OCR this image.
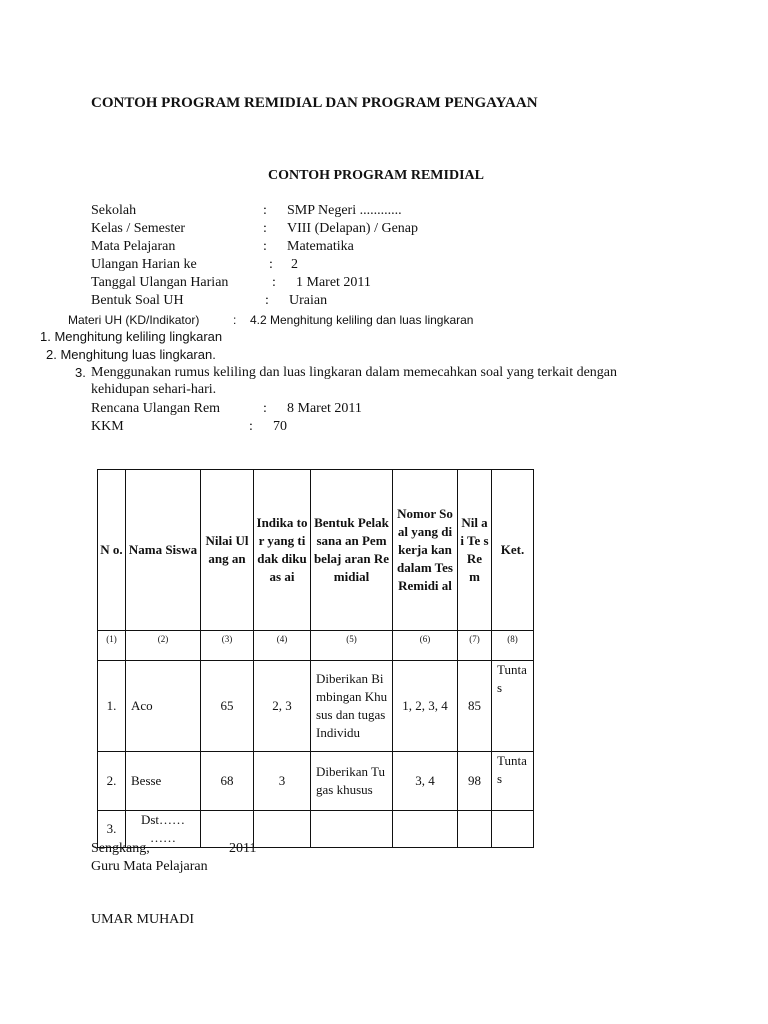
CONTOH PROGRAM REMIDIAL DAN PROGRAM PENGAYAAN
CONTOH PROGRAM REMIDIAL
Sekolah	: SMP Negeri ............
Kelas / Semester	: VIII (Delapan) / Genap
Mata Pelajaran	: Matematika
Ulangan Harian ke	: 2
Tanggal Ulangan Harian	: 1 Maret 2011
Bentuk Soal UH	: Uraian
Materi UH (KD/Indikator)	: 4.2 Menghitung keliling dan luas lingkaran
1. Menghitung keliling lingkaran
2. Menghitung luas lingkaran.
3. Menggunakan rumus keliling dan luas lingkaran dalam memecahkan soal yang terkait dengan
kehidupan sehari-hari.
Rencana Ulangan Rem	: 8 Maret 2011
KKM	: 70
N o.	Nama Siswa	Nilai Ulang an	Indika tor yang tidak dikuas ai	Bentuk Pelaksana an Pembelaj aran Remidial	Nomor Soal yang dikerja kan dalam Tes Remidi al	Nil ai Te s Re m	Ket.
(1)	(2)	(3)	(4)	(5)	(6)	(7)	(8)
1.	Aco	65	2, 3	Diberikan Bimbingan Khusus dan tugas Individu	1, 2, 3, 4	85	Tuntas
2.	Besse	68	3	Diberikan Tugas khusus	3, 4	98	Tuntas
3.	Dst……
……						
Sengkang,	2011
Guru Mata Pelajaran
UMAR MUHADI
